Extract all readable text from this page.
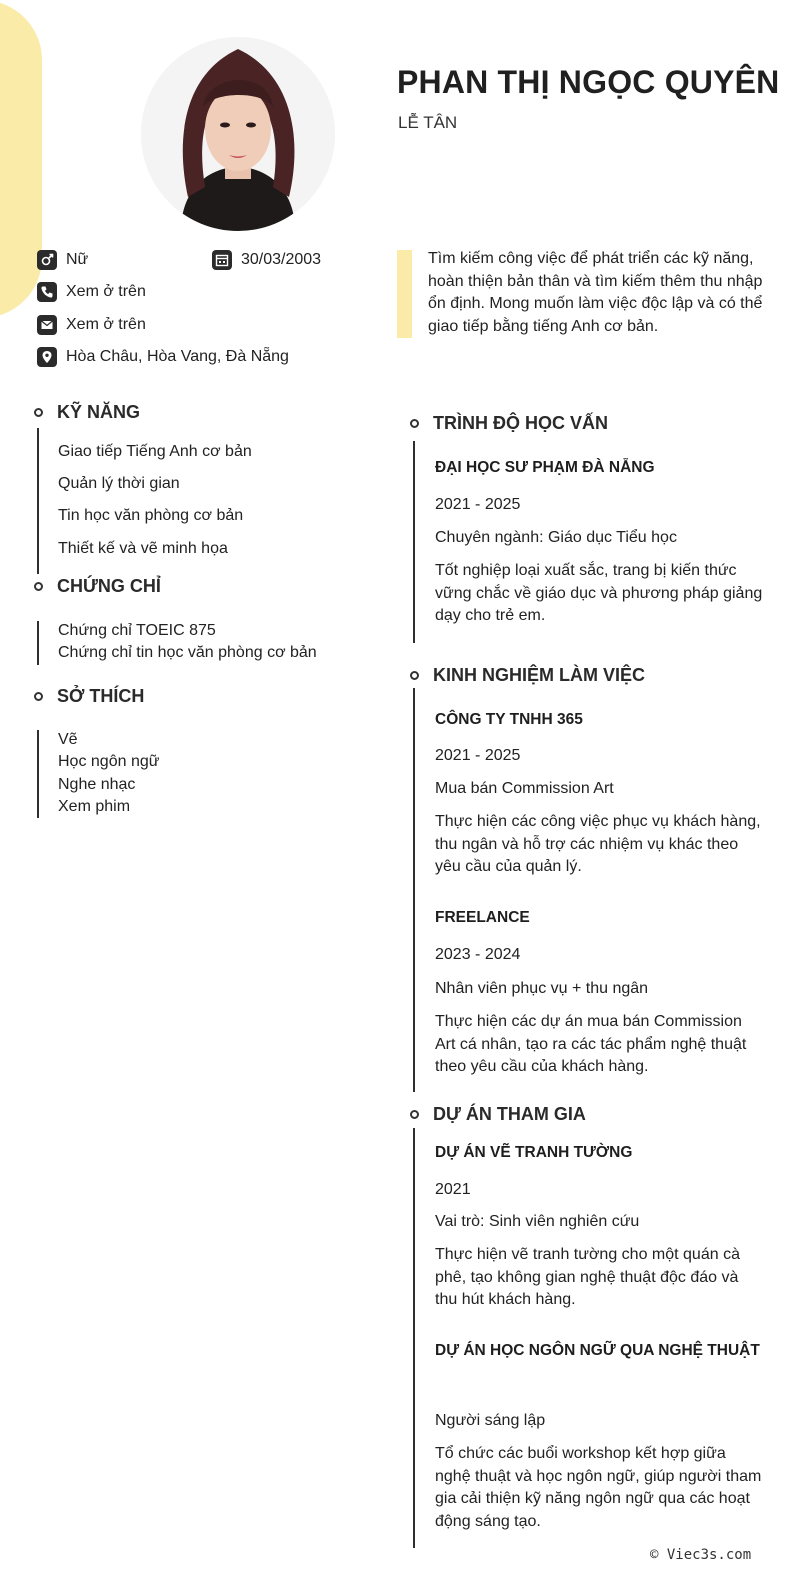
PHAN THỊ NGỌC QUYÊN
LỄ TÂN
Nữ	30/03/2003
Xem ở trên
Xem ở trên
Hòa Châu, Hòa Vang, Đà Nẵng
Tìm kiếm công việc để phát triển các kỹ năng, hoàn thiện bản thân và tìm kiếm thêm thu nhập ổn định. Mong muốn làm việc độc lập và có thể giao tiếp bằng tiếng Anh cơ bản.
KỸ NĂNG
Giao tiếp Tiếng Anh cơ bản
Quản lý thời gian
Tin học văn phòng cơ bản
Thiết kế và vẽ minh họa
CHỨNG CHỈ
Chứng chỉ TOEIC 875
Chứng chỉ tin học văn phòng cơ bản
SỞ THÍCH
Vẽ
Học ngôn ngữ
Nghe nhạc
Xem phim
TRÌNH ĐỘ HỌC VẤN
ĐẠI HỌC SƯ PHẠM ĐÀ NẴNG
2021 - 2025
Chuyên ngành: Giáo dục Tiểu học
Tốt nghiệp loại xuất sắc, trang bị kiến thức vững chắc về giáo dục và phương pháp giảng dạy cho trẻ em.
KINH NGHIỆM LÀM VIỆC
CÔNG TY TNHH 365
2021 - 2025
Mua bán Commission Art
Thực hiện các công việc phục vụ khách hàng, thu ngân và hỗ trợ các nhiệm vụ khác theo yêu cầu của quản lý.
FREELANCE
2023 - 2024
Nhân viên phục vụ + thu ngân
Thực hiện các dự án mua bán Commission Art cá nhân, tạo ra các tác phẩm nghệ thuật theo yêu cầu của khách hàng.
DỰ ÁN THAM GIA
DỰ ÁN VẼ TRANH TƯỜNG
2021
Vai trò: Sinh viên nghiên cứu
Thực hiện vẽ tranh tường cho một quán cà phê, tạo không gian nghệ thuật độc đáo và thu hút khách hàng.
DỰ ÁN HỌC NGÔN NGỮ QUA NGHỆ THUẬT
Người sáng lập
Tổ chức các buổi workshop kết hợp giữa nghệ thuật và học ngôn ngữ, giúp người tham gia cải thiện kỹ năng ngôn ngữ qua các hoạt động sáng tạo.
© Viec3s.com
